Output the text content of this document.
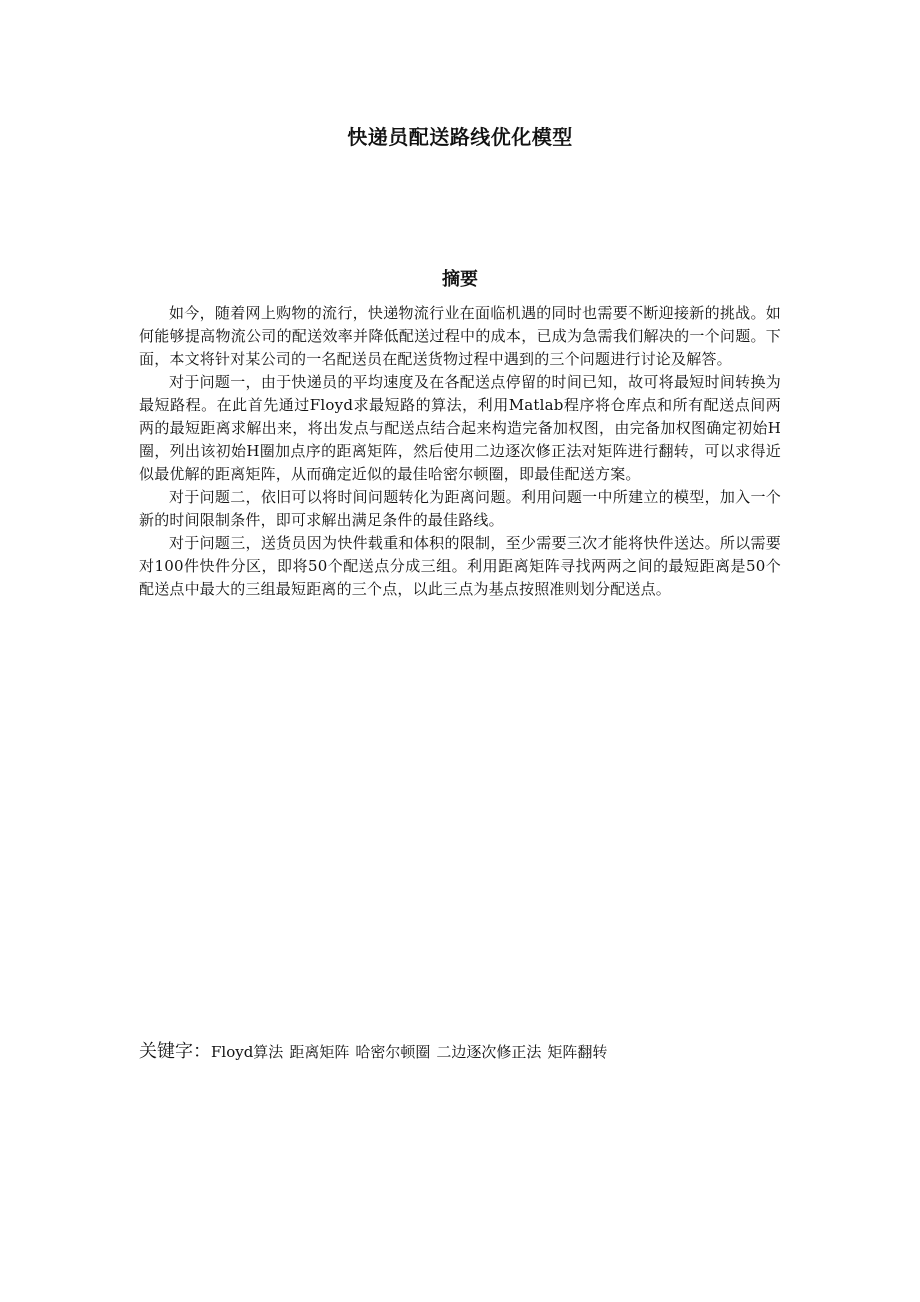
快递员配送路线优化模型
摘要

如今，随着网上购物的流行，快递物流行业在面临机遇的同时也需要不断迎接新的挑战。如何能够提高物流公司的配送效率并降低配送过程中的成本，已成为急需我们解决的一个问题。下面，本文将针对某公司的一名配送员在配送货物过程中遇到的三个问题进行讨论及解答。

对于问题一，由于快递员的平均速度及在各配送点停留的时间已知，故可将最短时间转换为最短路程。在此首先通过Floyd求最短路的算法，利用Matlab程序将仓库点和所有配送点间两两的最短距离求解出来，将出发点与配送点结合起来构造完备加权图，由完备加权图确定初始H圈，列出该初始H圈加点序的距离矩阵，然后使用二边逐次修正法对矩阵进行翻转，可以求得近似最优解的距离矩阵，从而确定近似的最佳哈密尔顿圈，即最佳配送方案。

对于问题二，依旧可以将时间问题转化为距离问题。利用问题一中所建立的模型，加入一个新的时间限制条件，即可求解出满足条件的最佳路线。

对于问题三，送货员因为快件载重和体积的限制，至少需要三次才能将快件送达。所以需要对100件快件分区，即将50个配送点分成三组。利用距离矩阵寻找两两之间的最短距离是50个配送点中最大的三组最短距离的三个点，以此三点为基点按照准则划分配送点。

关键字：Floyd算法 距离矩阵 哈密尔顿圈 二边逐次修正法 矩阵翻转
